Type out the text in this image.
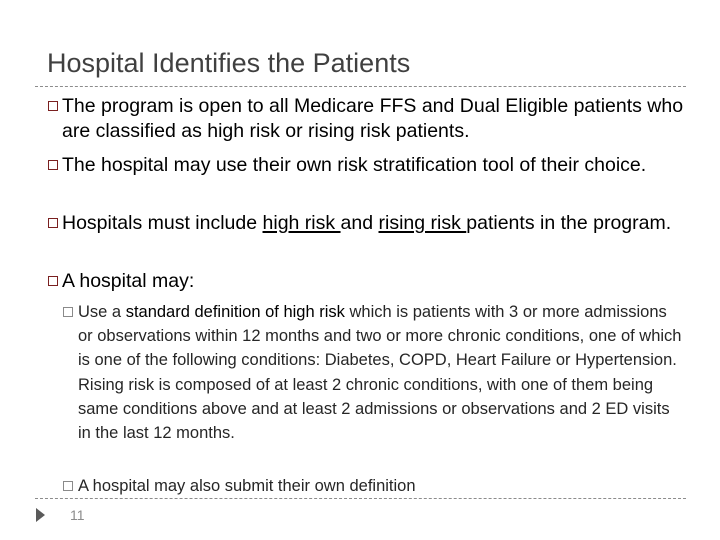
Hospital Identifies the Patients
The program is open to all Medicare FFS and Dual Eligible patients who are classified as high risk or rising risk patients.
The hospital may use their own risk stratification tool of their choice.
Hospitals must include high risk and rising risk patients in the program.
A hospital may:
Use a standard definition of high risk which is patients with 3 or more admissions or observations within 12 months and two or more chronic conditions, one of which is one of the following conditions: Diabetes, COPD, Heart Failure or Hypertension. Rising risk is composed of at least 2 chronic conditions, with one of them being same conditions above and at least 2 admissions or observations and 2 ED visits in the last 12 months.
A hospital may also submit their own definition
11
